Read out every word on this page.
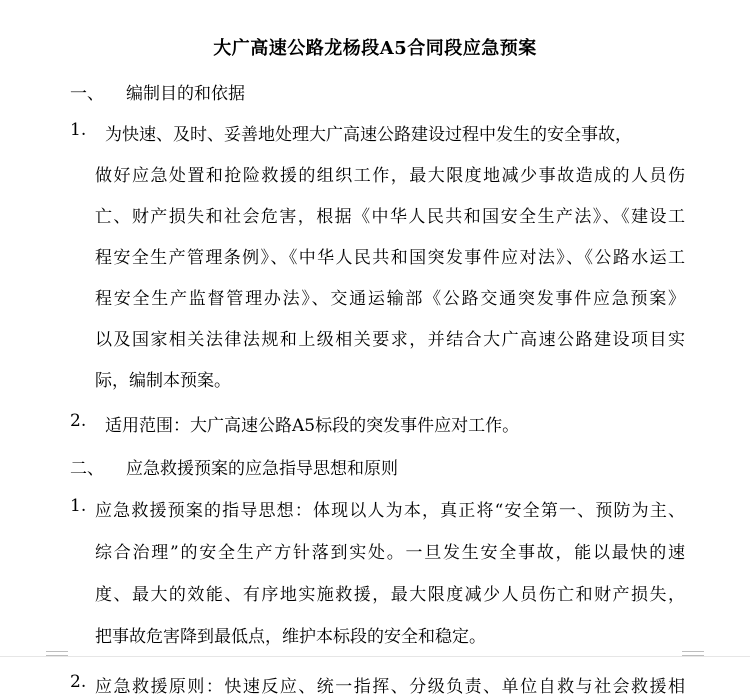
大广高速公路龙杨段A5合同段应急预案
一、 编制目的和依据
1. 为快速、及时、妥善地处理大广高速公路建设过程中发生的安全事故，
做好应急处置和抢险救援的组织工作，最大限度地减少事故造成的人员伤
亡、财产损失和社会危害，根据《中华人民共和国安全生产法》、《建设工
程安全生产管理条例》、《中华人民共和国突发事件应对法》、《公路水运工
程安全生产监督管理办法》、交通运输部《公路交通突发事件应急预案》
以及国家相关法律法规和上级相关要求，并结合大广高速公路建设项目实
际，编制本预案。
2. 适用范围：大广高速公路A5标段的突发事件应对工作。
二、 应急救援预案的应急指导思想和原则
1. 应急救援预案的指导思想：体现以人为本，真正将“安全第一、预防为主、
综合治理”的安全生产方针落到实处。一旦发生安全事故，能以最快的速
度、最大的效能、有序地实施救援，最大限度减少人员伤亡和财产损失，
把事故危害降到最低点，维护本标段的安全和稳定。
2. 应急救援原则：快速反应、统一指挥、分级负责、单位自救与社会救援相
